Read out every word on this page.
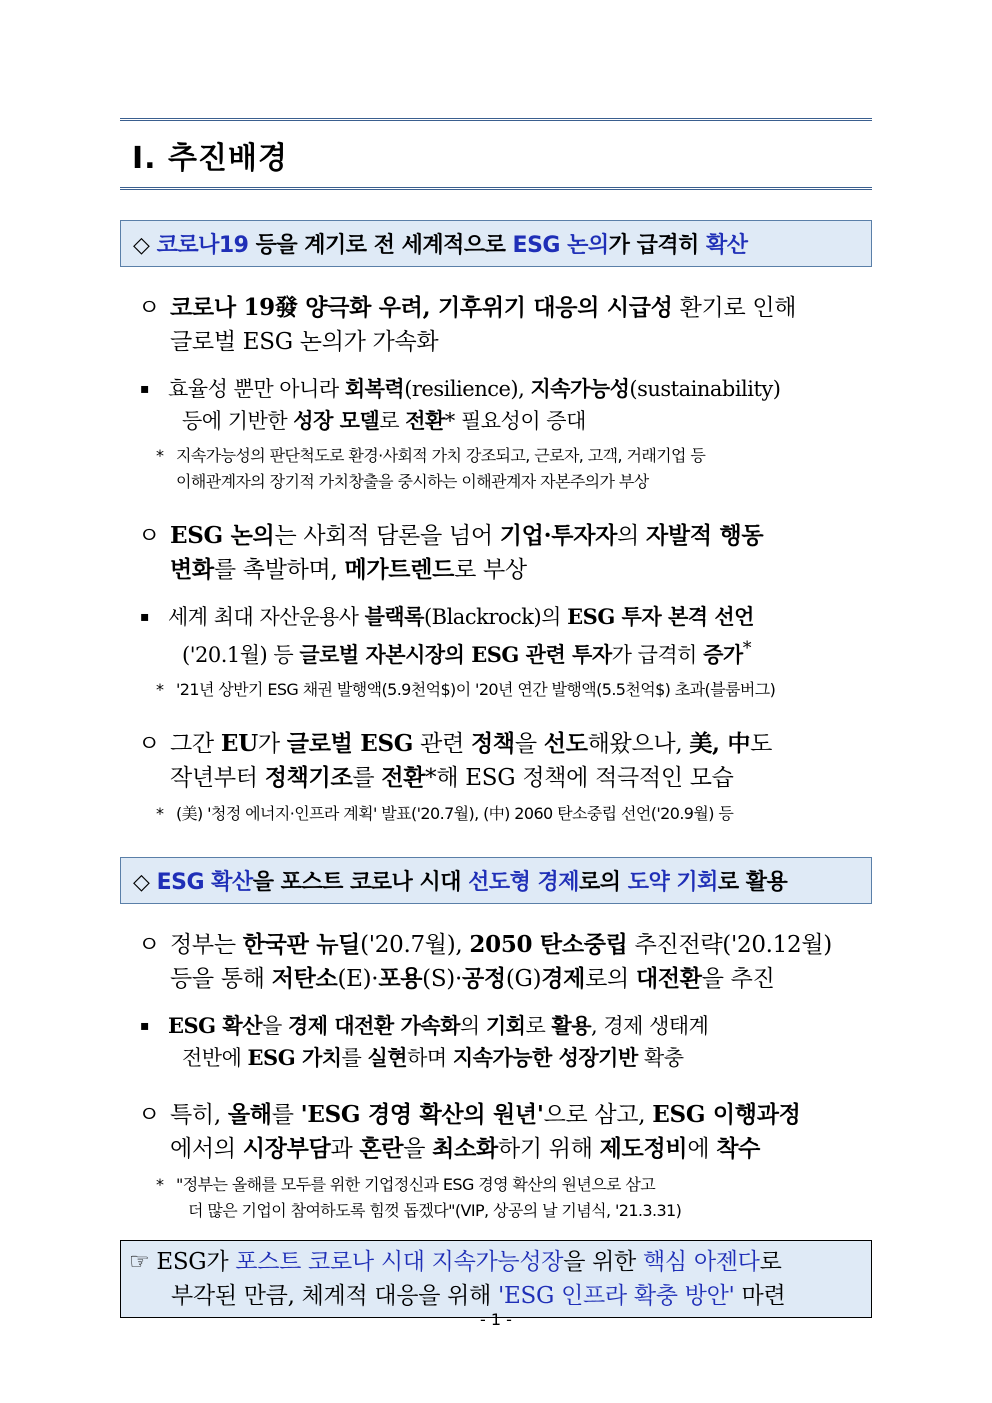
Ⅰ. 추진배경
◇ 코로나19 등을 계기로 전 세계적으로 ESG 논의가 급격히 확산
ㅇ 코로나 19發 양극화 우려, 기후위기 대응의 시급성 환기로 인해
글로벌 ESG 논의가 가속화
▪ 효율성 뿐만 아니라 회복력(resilience), 지속가능성(sustainability)
등에 기반한 성장 모델로 전환* 필요성이 증대
* 지속가능성의 판단척도로 환경·사회적 가치 강조되고, 근로자, 고객, 거래기업 등
이해관계자의 장기적 가치창출을 중시하는 이해관계자 자본주의가 부상
ㅇ ESG 논의는 사회적 담론을 넘어 기업·투자자의 자발적 행동
변화를 촉발하며, 메가트렌드로 부상
▪ 세계 최대 자산운용사 블랙록(Blackrock)의 ESG 투자 본격 선언
('20.1월) 등 글로벌 자본시장의 ESG 관련 투자가 급격히 증가*
* '21년 상반기 ESG 채권 발행액(5.9천억$)이 '20년 연간 발행액(5.5천억$) 초과(블룸버그)
ㅇ 그간 EU가 글로벌 ESG 관련 정책을 선도해왔으나, 美, 中도
작년부터 정책기조를 전환*해 ESG 정책에 적극적인 모습
* (美) '청정 에너지·인프라 계획' 발표('20.7월), (中) 2060 탄소중립 선언('20.9월) 등
◇ ESG 확산을 포스트 코로나 시대 선도형 경제로의 도약 기회로 활용
ㅇ 정부는 한국판 뉴딜('20.7월), 2050 탄소중립 추진전략('20.12월)
등을 통해 저탄소(E)·포용(S)·공정(G)경제로의 대전환을 추진
▪ ESG 확산을 경제 대전환 가속화의 기회로 활용, 경제 생태계
전반에 ESG 가치를 실현하며 지속가능한 성장기반 확충
ㅇ 특히, 올해를 'ESG 경영 확산의 원년'으로 삼고, ESG 이행과정
에서의 시장부담과 혼란을 최소화하기 위해 제도정비에 착수
* "정부는 올해를 모두를 위한 기업정신과 ESG 경영 확산의 원년으로 삼고
더 많은 기업이 참여하도록 힘껏 돕겠다"(VIP, 상공의 날 기념식, '21.3.31)
☞ ESG가 포스트 코로나 시대 지속가능성장을 위한 핵심 아젠다로
부각된 만큼, 체계적 대응을 위해 'ESG 인프라 확충 방안' 마련
- 1 -
